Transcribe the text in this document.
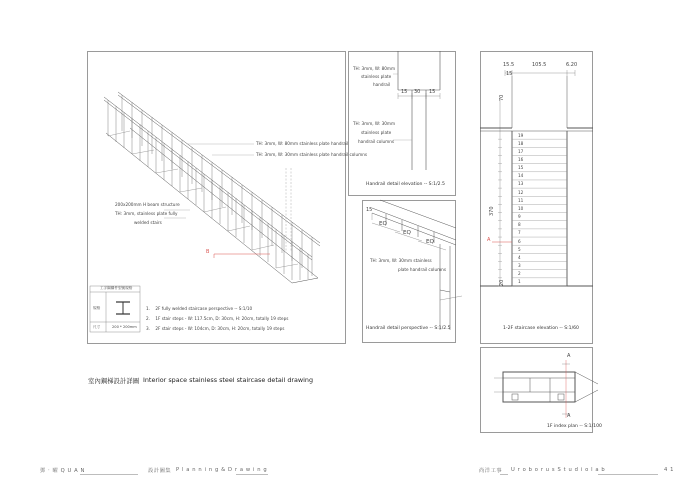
TH: 3mm, W: 80mm stainless plate handrail
TH: 3mm, W: 30mm stainless plate handrail columns
200x200mm H beam structure
TH: 3mm, stainless plate fully
welded stairs
B
工字鋼構件型號規格
規格
尺寸	200 * 200mm
1.    2F fully welded staircase perspective -- S:1/10
2.    1F stair steps - W: 117.5cm, D: 30cm, H: 20cm, totally 19 steps
3.    2F stair steps - W: 104cm, D: 30cm, H: 20cm, totally 19 steps
TH: 3mm, W: 80mm
stainless plate
handrail
15 30 15
TH: 3mm, W: 30mm
stainless plate
handrail columns
Handrail detail elevation -- S:1/2.5
15
EQ
EQ
EQ
TH: 3mm, W: 30mm stainless
plate handrail columns
Handrail detail perspective -- S:1/2.5
15.5	105.5	6.20
15
70
370
20
A
19
18
17
16
15
14
13
12
11
10
9
8
7
6
5
4
3
2
1
1-2F staircase elevation -- S:1/60
A
A
1F index plan -- S:1/100
室內鋼梯設計詳圖 Interior space stainless steel staircase detail drawing
鄧 ‧ 曜 Q U A N	設計圖集 P l a n n i n g & D r a w i n g	尚洋工事 U r o b o r u s S t u d i o l a b	4 1
